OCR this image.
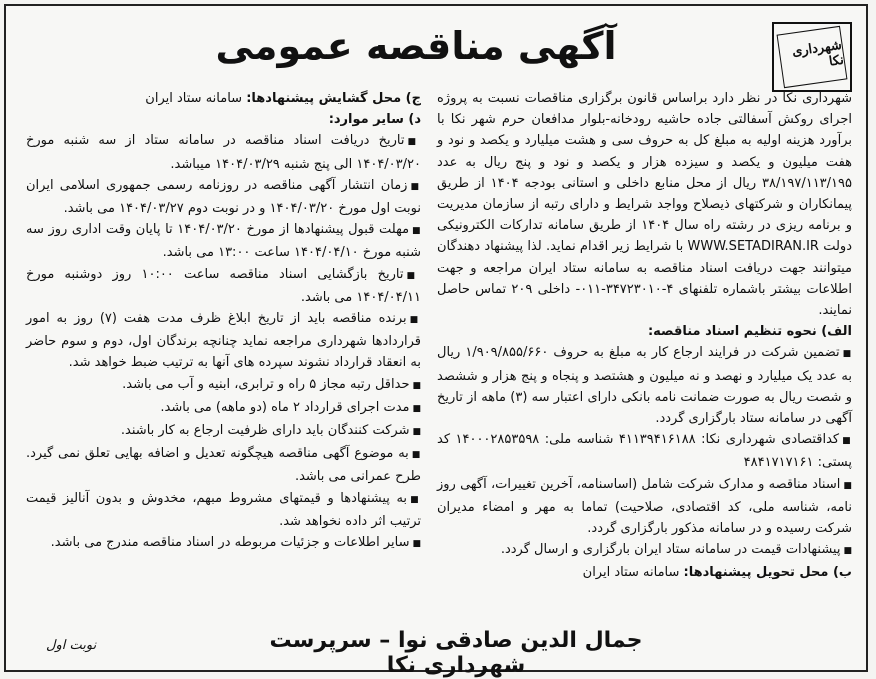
شهرداری نکا
آگهی مناقصه عمومی

شهرداری نکا در نظر دارد براساس قانون برگزاری مناقصات نسبت به پروژه اجرای روکش آسفالتی جاده حاشیه رودخانه-بلوار مدافعان حرم شهر نکا با برآورد هزینه اولیه به مبلغ کل به حروف سی و هشت میلیارد و یکصد و نود و هفت میلیون و یکصد و سیزده هزار و یکصد و نود و پنج ریال به عدد ۳۸/۱۹۷/۱۱۳/۱۹۵ ریال از محل منابع داخلی و استانی بودجه ۱۴۰۴ از طریق پیمانکاران و شرکتهای ذیصلاح وواجد شرایط و دارای رتبه از سازمان مدیریت و برنامه ریزی در رشته راه سال ۱۴۰۴ از طریق سامانه تدارکات الکترونیکی دولت WWW.SETADIRAN.IR با شرایط زیر اقدام نماید. لذا پیشنهاد دهندگان میتوانند جهت دریافت اسناد مناقصه به سامانه ستاد ایران مراجعه و جهت اطلاعات بیشتر باشماره تلفنهای ۴-۳۴۷۲۳۰۱۰-۰۱۱- داخلی ۲۰۹ تماس حاصل نمایند.

الف) نحوه تنظیم اسناد مناقصه:

■ تضمین شرکت در فرایند ارجاع کار به مبلغ به حروف ۱/۹۰۹/۸۵۵/۶۶۰ ریال به عدد یک میلیارد و نهصد و نه میلیون و هشتصد و پنجاه و پنج هزار و ششصد و شصت ریال به صورت ضمانت نامه بانکی دارای اعتبار سه (۳) ماهه از تاریخ آگهی در سامانه ستاد بارگزاری گردد.

■ کداقتصادی شهرداری نکا: ۴۱۱۳۹۴۱۶۱۸۸ شناسه ملی: ۱۴۰۰۰۲۸۵۳۵۹۸ کد پستی: ۴۸۴۱۷۱۷۱۶۱

■ اسناد مناقصه و مدارک شرکت شامل (اساسنامه، آخرین تغییرات، آگهی روز نامه، شناسه ملی، کد اقتصادی، صلاحیت) تماما به مهر و امضاء مدیران شرکت رسیده و در سامانه مذکور بارگزاری گردد.

■ پیشنهادات قیمت در سامانه ستاد ایران بارگزاری و ارسال گردد.

ب) محل تحویل پیشنهادها: سامانه ستاد ایران

ج) محل گشایش پیشنهادها: سامانه ستاد ایران

د) سایر موارد:

■ تاریخ دریافت اسناد مناقصه در سامانه ستاد از سه شنبه مورخ ۱۴۰۴/۰۳/۲۰ الی پنج شنبه ۱۴۰۴/۰۳/۲۹ میباشد.

■ زمان انتشار آگهی مناقصه در روزنامه رسمی جمهوری اسلامی ایران نوبت اول مورخ ۱۴۰۴/۰۳/۲۰ و در نوبت دوم ۱۴۰۴/۰۳/۲۷ می باشد.

■ مهلت قبول پیشنهادها از مورخ ۱۴۰۴/۰۳/۲۰ تا پایان وقت اداری روز سه شنبه مورخ ۱۴۰۴/۰۴/۱۰ ساعت ۱۳:۰۰ می باشد.

■ تاریخ بازگشایی اسناد مناقصه ساعت ۱۰:۰۰ روز دوشنبه مورخ ۱۴۰۴/۰۴/۱۱ می باشد.

■ برنده مناقصه باید از تاریخ ابلاغ ظرف مدت هفت (۷) روز به امور قراردادها شهرداری مراجعه نماید چنانچه برندگان اول، دوم و سوم حاضر به انعقاد قرارداد نشوند سپرده های آنها به ترتیب ضبط خواهد شد.

■ حداقل رتبه مجاز ۵ راه و ترابری، ابنیه و آب می باشد.

■ مدت اجرای قرارداد ۲ ماه (دو ماهه) می باشد.

■ شرکت کنندگان باید دارای ظرفیت ارجاع به کار باشند.

■ به موضوع آگهی مناقصه هیچگونه تعدیل و اضافه بهایی تعلق نمی گیرد. طرح عمرانی می باشد.

■ به پیشنهادها و قیمتهای مشروط مبهم، مخدوش و بدون آنالیز قیمت ترتیب اثر داده نخواهد شد.

■ سایر اطلاعات و جزئیات مربوطه در اسناد مناقصه مندرج می باشد.

جمال الدین صادقی نوا – سرپرست شهرداری نکا
نوبت اول
